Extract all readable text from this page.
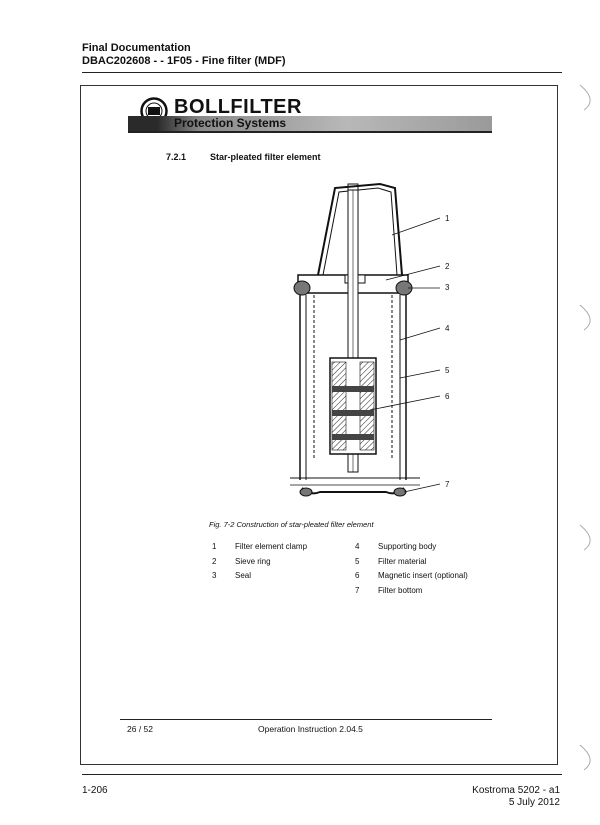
Final Documentation
DBAC202608 - - 1F05 - Fine filter (MDF)
BOLLFILTER
Protection Systems
7.2.1	Star-pleated filter element
1
2
3
4
5
6
7
Fig. 7-2 Construction of star-pleated filter element
1 Filter element clamp
2 Sieve ring
3 Seal
4 Supporting body
5 Filter material
6 Magnetic insert (optional)
7 Filter bottom
26 / 52	Operation Instruction 2.04.5
1-206	Kostroma 5202 - a1
5 July 2012
